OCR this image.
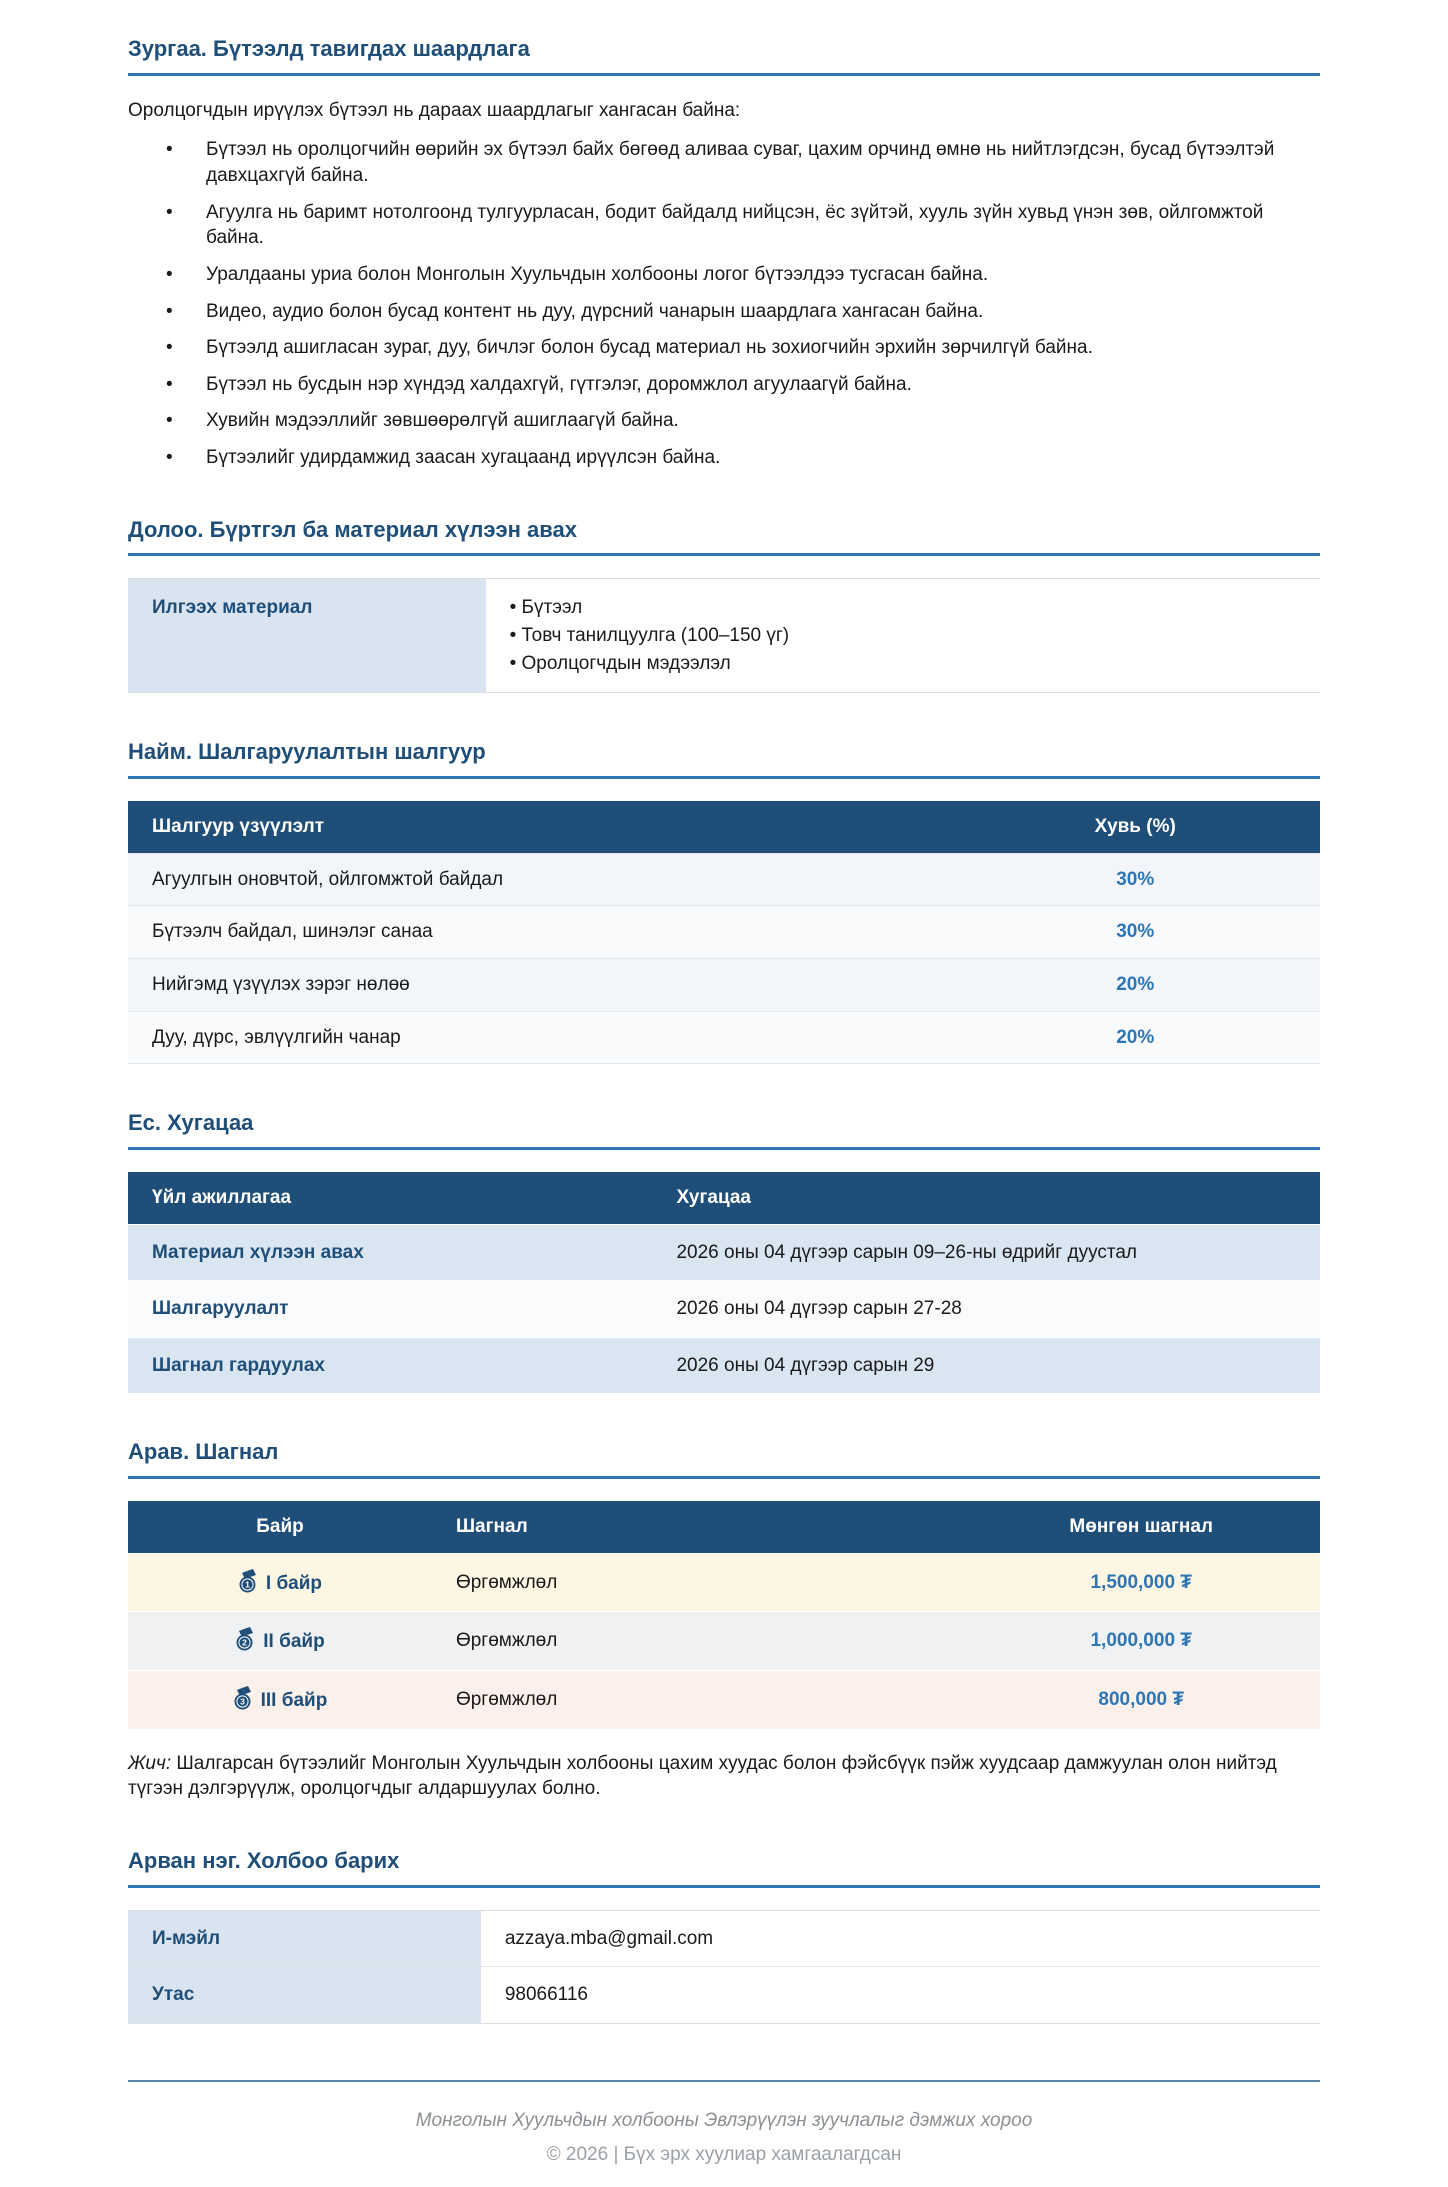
Зургаа. Бүтээлд тавигдах шаардлага

Оролцогчдын ирүүлэх бүтээл нь дараах шаардлагыг хангасан байна:

• Бүтээл нь оролцогчийн өөрийн эх бүтээл байх бөгөөд аливаа суваг, цахим орчинд өмнө нь нийтлэгдсэн, бусад бүтээлтэй давхцахгүй байна.
• Агуулга нь баримт нотолгоонд тулгуурласан, бодит байдалд нийцсэн, ёс зүйтэй, хууль зүйн хувьд үнэн зөв, ойлгомжтой байна.
• Уралдааны уриа болон Монголын Хуульчдын холбооны логог бүтээлдээ тусгасан байна.
• Видео, аудио болон бусад контент нь дуу, дүрсний чанарын шаардлага хангасан байна.
• Бүтээлд ашигласан зураг, дуу, бичлэг болон бусад материал нь зохиогчийн эрхийн зөрчилгүй байна.
• Бүтээл нь бусдын нэр хүндэд халдахгүй, гүтгэлэг, доромжлол агуулаагүй байна.
• Хувийн мэдээллийг зөвшөөрөлгүй ашиглаагүй байна.
• Бүтээлийг удирдамжид заасан хугацаанд ирүүлсэн байна.
Долоо. Бүртгэл ба материал хүлээн авах
Илгээх материал	• Бүтээл
• Товч танилцуулга (100–150 үг)
• Оролцогчдын мэдээлэл
Найм. Шалгаруулалтын шалгуур
Шалгуур үзүүлэлт	Хувь (%)
Агуулгын оновчтой, ойлгомжтой байдал	30%
Бүтээлч байдал, шинэлэг санаа	30%
Нийгэмд үзүүлэх зэрэг нөлөө	20%
Дуу, дүрс, эвлүүлгийн чанар	20%
Ес. Хугацаа
Үйл ажиллагаа	Хугацаа
Материал хүлээн авах	2026 оны 04 дүгээр сарын 09–26-ны өдрийг дуустал
Шалгаруулалт	2026 оны 04 дүгээр сарын 27-28
Шагнал гардуулах	2026 оны 04 дүгээр сарын 29
Арав. Шагнал
Байр	Шагнал	Мөнгөн шагнал

1 I байр	Өргөмжлөл	1,500,000 ₮

2 II байр	Өргөмжлөл	1,000,000 ₮

3 III байр	Өргөмжлөл	800,000 ₮

Жич: Шалгарсан бүтээлийг Монголын Хуульчдын холбооны цахим хуудас болон фэйсбүүк пэйж хуудсаар дамжуулан олон нийтэд түгээн дэлгэрүүлж, оролцогчдыг алдаршуулах болно.

Арван нэг. Холбоо барих
И-мэйл	azzaya.mba@gmail.com
Утас	98066116
Монголын Хуульчдын холбооны Эвлэрүүлэн зуучлалыг дэмжих хороо
© 2026 | Бүх эрх хуулиар хамгаалагдсан
